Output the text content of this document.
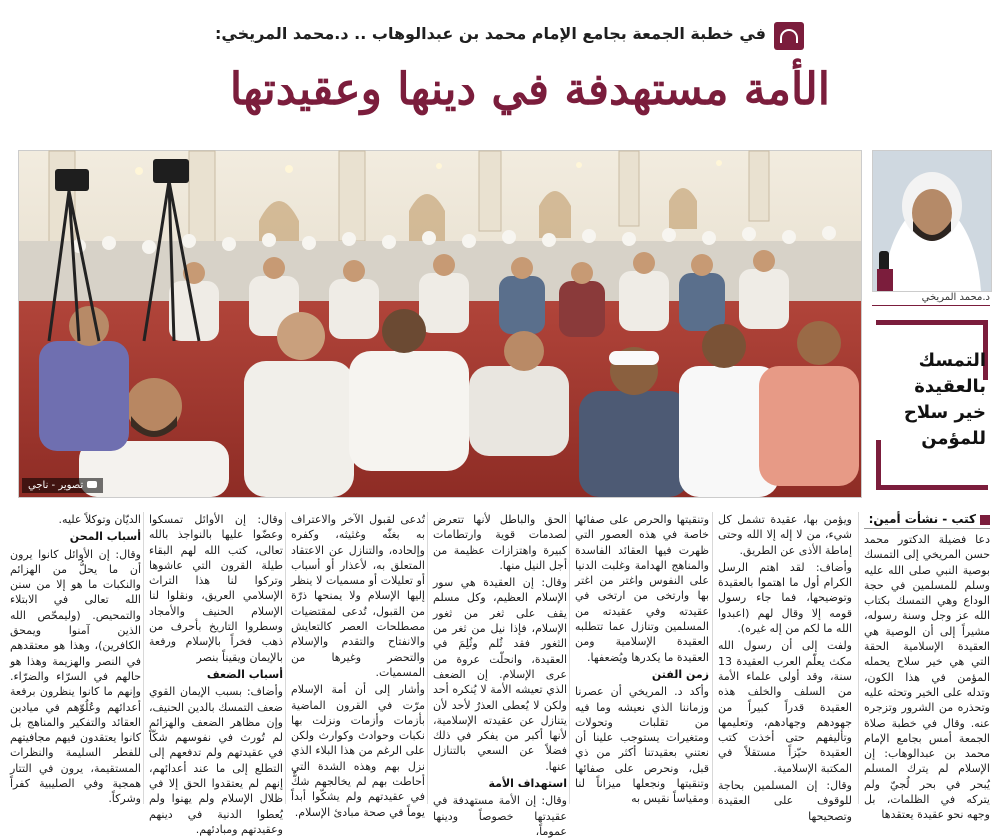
في خطبة الجمعة بجامع الإمام محمد بن عبدالوهاب .. د.محمد المريخي:
الأمة مستهدفة في دينها وعقيدتها
تصوير - ناجي
د.محمد المريخي
التمسك
بالعقيدة
خير سلاح
للمؤمن
كتب - نشأت أمين:

دعا فضيلة الدكتور محمد حسن المريخي إلى التمسك بوصية النبي صلى الله عليه وسلم للمسلمين في حجة الوداع وهي التمسك بكتاب الله عز وجل وسنة رسوله، مشيراً إلى أن الوصية هي العقيدة الإسلامية الحقة التي هي خير سلاح يحمله المؤمن في هذا الكون، وتدله على الخير وتحثه عليه وتحذره من الشرور وتزجره عنه. وقال في خطبة صلاة الجمعة أمس بجامع الإمام محمد بن عبدالوهاب: إن الإسلام لم يترك المسلم يُبحر في بحر لُجيّ ولم يتركه في الظلمات، بل وجهه نحو عقيدة يعتقدها

ويؤمن بها، عقيدة تشمل كل شيء، من لا إله إلا الله وحتى إماطة الأذى عن الطريق.

وأضاف: لقد اهتم الرسل الكرام أول ما اهتموا بالعقيدة وتوضيحها، فما جاء رسول قومه إلا وقال لهم (اعبدوا الله ما لكم من إله غيره).

ولفت إلى أن رسول الله مكث يعلّم العرب العقيدة 13 سنة، وقد أولى علماء الأمة من السلف والخلف هذه العقيدة قدراً كبيراً من جهودهم وجهادهم، وتعليمها وتأليفهم حتى أخذت كتب العقيدة حيّزاً مستقلاً في المكتبة الإسلامية.

وقال: إن المسلمين بحاجة للوقوف على العقيدة وتصحيحها

وتنقيتها والحرص على صفائها خاصة في هذه العصور التي ظهرت فيها العقائد الفاسدة والمناهج الهدامة وغلبت الدنيا على النفوس واغتر من اغتر بها وارتخى من ارتخى في عقيدته وفي عقيدته من المسلمين وتنازل عما تتطلبه العقيدة الإسلامية ومن العقيدة ما يكدرها ويُضعفها.

زمن الفتن

وأكد د. المريخي أن عصرنا وزماننا الذي نعيشه وما فيه من تقلبات وتحولات ومتغيرات يستوجب علينا أن نعتني بعقيدتنا أكثر من ذي قبل، ونحرص على صفائها وتنقيتها ونجعلها ميزاناً لنا ومقياساً نقيس به

الحق والباطل لأنها تتعرض لصدمات قوية وارتطامات كبيرة واهتزازات عظيمة من أجل النيل منها.

وقال: إن العقيدة هي سور الإسلام العظيم، وكل مسلم يقف على ثغر من ثغور الإسلام، فإذا نيل من ثغر من الثغور فقد ثُلم وثُلِمَ في العقيدة، وانحلّت عروة من عرى الإسلام. إن الضعف الذي تعيشه الأمة لا يُنكره أحد ولكن لا يُعطى العذرُ لأحد لأن يتنازل عن عقيدته الإسلامية، لأنها أكبر من يفكر في ذلك فضلاً عن السعي بالتنازل عنها.

استهداف الأمة

وقال: إن الأمة مستهدفة في عقيدتها خصوصاً ودينها عموماً،

تُدعى لقبول الآخر والاعتراف به بغثّه وغثيثه، وكفره وإلحاده، والتنازل عن الاعتقاد المتعلق به، لأعذار أو أسباب أو تعليلات أو مسميات لا ينظر إليها الإسلام ولا يمنحها ذرّة من القبول، تُدعى لمقتضيات مصطلحات العصر كالتعايش والانفتاح والتقدم والإسلام والتحضر وغيرها من المسميات.

وأشار إلى أن أمة الإسلام مرّت في القرون الماضية بأزمات وأزمات ونزلت بها نكبات وحوادث وكوارث ولكن على الرغم من هذا البلاء الذي نزل بهم وهذه الشدة التي أحاطت بهم لم يخالجهم شكٌّ في عقيدتهم ولم يشكّوا أبداً يوماً في صحة مبادئ الإسلام.

وقال: إن الأوائل تمسكوا وعضّوا عليها بالنواجذ بالله تعالى، كتب الله لهم البقاء طيلة القرون التي عاشوها وتركوا لنا هذا التراث الإسلامي العريق، ونقلوا لنا الإسلام الحنيف والأمجاد وسطروا التاريخ بأحرف من ذهب فخراً بالإسلام ورفعة بالإيمان ويقيناً بنصر

أسباب الضعف

وأضاف: بسبب الإيمان القوي ضعف التمسك بالدين الحنيف، وإن مظاهر الضعف والهزائم لم تُورث في نفوسهم شكّاً في عقيدتهم ولم تدفعهم إلى التطلع إلى ما عند أعدائهم، إنهم لم يعتقدوا الحق إلا في ظلال الإسلام ولم يهنوا ولم يُعطوا الدنية في دينهم وعقيدتهم ومبادئهم.

الديّان وتوكلاً عليه.

أسباب المحن

وقال: إن الأوائل كانوا يرون أن ما يحلُّ من الهزائم والنكبات ما هو إلا من سنن الله تعالى في الابتلاء والتمحيص. (وليمحّص الله الذين آمنوا ويمحق الكافرين)، وهذا هو معتقدهم في النصر والهزيمة وهذا هو حالهم في السرّاء والضرّاء. وإنهم ما كانوا ينظرون برفعة أعدائهم وعُلُوّهم في ميادين العقائد والتفكير والمناهج بل كانوا يعتقدون فيهم مجافيتهم للفطر السليمة والنظرات المستقيمة، يرون في التتار همجية وفي الصليبية كفراً وشركاً.
